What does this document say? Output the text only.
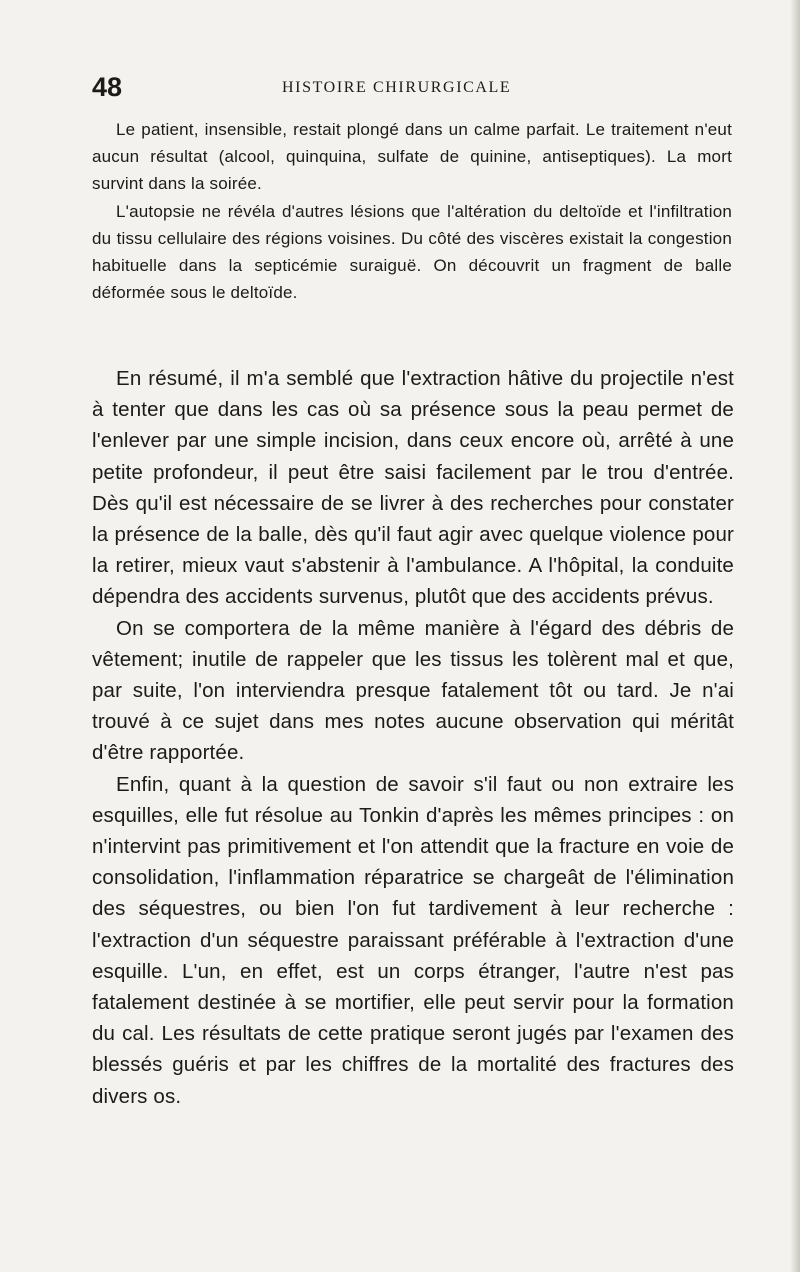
48	HISTOIRE CHIRURGICALE

Le patient, insensible, restait plongé dans un calme parfait. Le traitement n'eut aucun résultat (alcool, quinquina, sulfate de quinine, antiseptiques). La mort survint dans la soirée.

L'autopsie ne révéla d'autres lésions que l'altération du deltoïde et l'infiltration du tissu cellulaire des régions voisines. Du côté des viscères existait la congestion habituelle dans la septicémie suraiguë. On découvrit un fragment de balle déformée sous le deltoïde.

En résumé, il m'a semblé que l'extraction hâtive du projectile n'est à tenter que dans les cas où sa présence sous la peau permet de l'enlever par une simple incision, dans ceux encore où, arrêté à une petite profondeur, il peut être saisi facilement par le trou d'entrée. Dès qu'il est nécessaire de se livrer à des recherches pour constater la présence de la balle, dès qu'il faut agir avec quelque violence pour la retirer, mieux vaut s'abstenir à l'ambulance. A l'hôpital, la conduite dépendra des accidents survenus, plutôt que des accidents prévus.

On se comportera de la même manière à l'égard des débris de vêtement; inutile de rappeler que les tissus les tolèrent mal et que, par suite, l'on interviendra presque fatalement tôt ou tard. Je n'ai trouvé à ce sujet dans mes notes aucune observation qui méritât d'être rapportée.

Enfin, quant à la question de savoir s'il faut ou non extraire les esquilles, elle fut résolue au Tonkin d'après les mêmes principes : on n'intervint pas primitivement et l'on attendit que la fracture en voie de consolidation, l'inflammation réparatrice se chargeât de l'élimination des séquestres, ou bien l'on fut tardivement à leur recherche : l'extraction d'un séquestre paraissant préférable à l'extraction d'une esquille. L'un, en effet, est un corps étranger, l'autre n'est pas fatalement destinée à se mortifier, elle peut servir pour la formation du cal. Les résultats de cette pratique seront jugés par l'examen des blessés guéris et par les chiffres de la mortalité des fractures des divers os.
